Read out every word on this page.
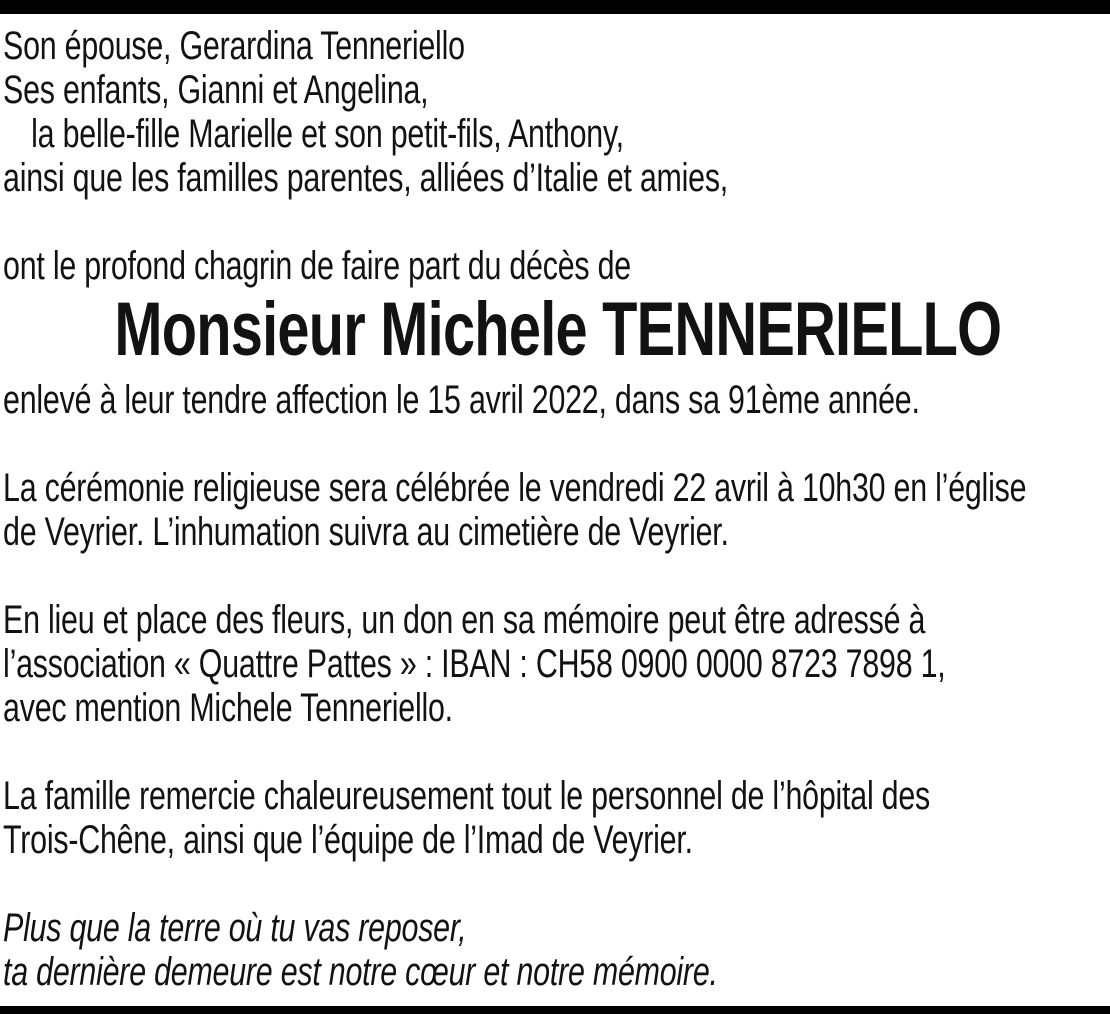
Son épouse, Gerardina Tenneriello
Ses enfants, Gianni et Angelina,
la belle-fille Marielle et son petit-fils, Anthony,
ainsi que les familles parentes, alliées d’Italie et amies,

ont le profond chagrin de faire part du décès de

Monsieur Michele TENNERIELLO

enlevé à leur tendre affection le 15 avril 2022, dans sa 91ème année.

La cérémonie religieuse sera célébrée le vendredi 22 avril à 10h30 en l’église
de Veyrier. L’inhumation suivra au cimetière de Veyrier.
En lieu et place des fleurs, un don en sa mémoire peut être adressé à
l’association « Quattre Pattes » : IBAN : CH58 0900 0000 8723 7898 1,
avec mention Michele Tenneriello.
La famille remercie chaleureusement tout le personnel de l’hôpital des
Trois-Chêne, ainsi que l’équipe de l’Imad de Veyrier.
Plus que la terre où tu vas reposer,
ta dernière demeure est notre cœur et notre mémoire.
